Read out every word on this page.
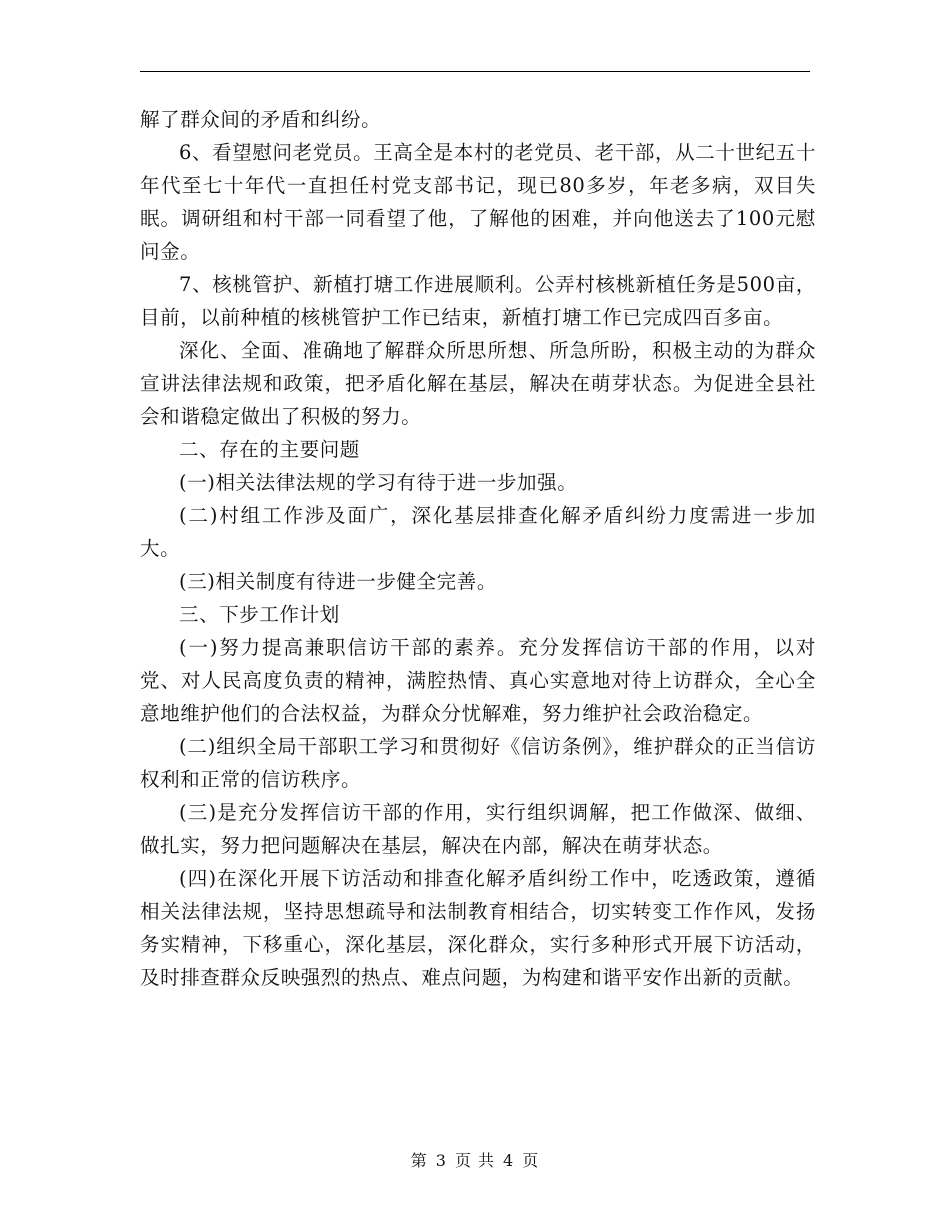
解了群众间的矛盾和纠纷。

6、看望慰问老党员。王高全是本村的老党员、老干部，从二十世纪五十年代至七十年代一直担任村党支部书记，现已80多岁，年老多病，双目失眠。调研组和村干部一同看望了他，了解他的困难，并向他送去了100元慰问金。

7、核桃管护、新植打塘工作进展顺利。公弄村核桃新植任务是500亩，目前，以前种植的核桃管护工作已结束，新植打塘工作已完成四百多亩。

深化、全面、准确地了解群众所思所想、所急所盼，积极主动的为群众宣讲法律法规和政策，把矛盾化解在基层，解决在萌芽状态。为促进全县社会和谐稳定做出了积极的努力。

二、存在的主要问题

(一)相关法律法规的学习有待于进一步加强。

(二)村组工作涉及面广，深化基层排查化解矛盾纠纷力度需进一步加大。

(三)相关制度有待进一步健全完善。

三、下步工作计划

(一)努力提高兼职信访干部的素养。充分发挥信访干部的作用，以对党、对人民高度负责的精神，满腔热情、真心实意地对待上访群众，全心全意地维护他们的合法权益，为群众分忧解难，努力维护社会政治稳定。

(二)组织全局干部职工学习和贯彻好《信访条例》，维护群众的正当信访权利和正常的信访秩序。

(三)是充分发挥信访干部的作用，实行组织调解，把工作做深、做细、做扎实，努力把问题解决在基层，解决在内部，解决在萌芽状态。

(四)在深化开展下访活动和排查化解矛盾纠纷工作中，吃透政策，遵循相关法律法规，坚持思想疏导和法制教育相结合，切实转变工作作风，发扬务实精神，下移重心，深化基层，深化群众，实行多种形式开展下访活动，及时排查群众反映强烈的热点、难点问题，为构建和谐平安作出新的贡献。

第 3 页 共 4 页
